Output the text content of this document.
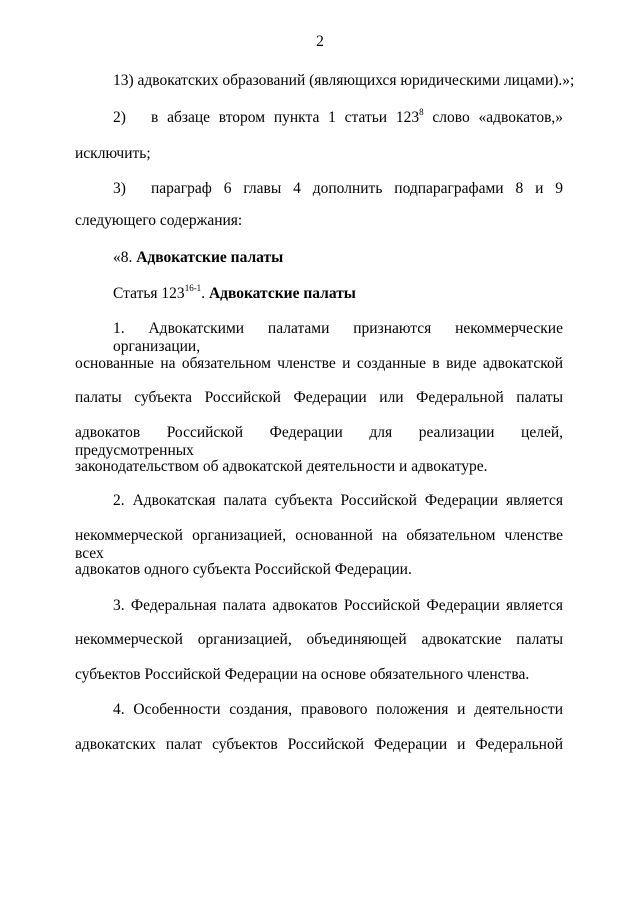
2
13) адвокатских образований (являющихся юридическими лицами).»;
2) в абзаце втором пункта 1 статьи $123^8$ слово «адвокатов,»
исключить;
3) параграф 6 главы 4 дополнить подпараграфами 8 и 9
следующего содержания:
«8. Адвокатские палаты
Статья 123$^{16-1}$. Адвокатские палаты
1. Адвокатскими палатами признаются некоммерческие организации,
основанные на обязательном членстве и созданные в виде адвокатской
палаты субъекта Российской Федерации или Федеральной палаты
адвокатов Российской Федерации для реализации целей, предусмотренных
законодательством об адвокатской деятельности и адвокатуре.
2. Адвокатская палата субъекта Российской Федерации является
некоммерческой организацией, основанной на обязательном членстве всех
адвокатов одного субъекта Российской Федерации.
3. Федеральная палата адвокатов Российской Федерации является
некоммерческой организацией, объединяющей адвокатские палаты
субъектов Российской Федерации на основе обязательного членства.
4. Особенности создания, правового положения и деятельности
адвокатских палат субъектов Российской Федерации и Федеральной
